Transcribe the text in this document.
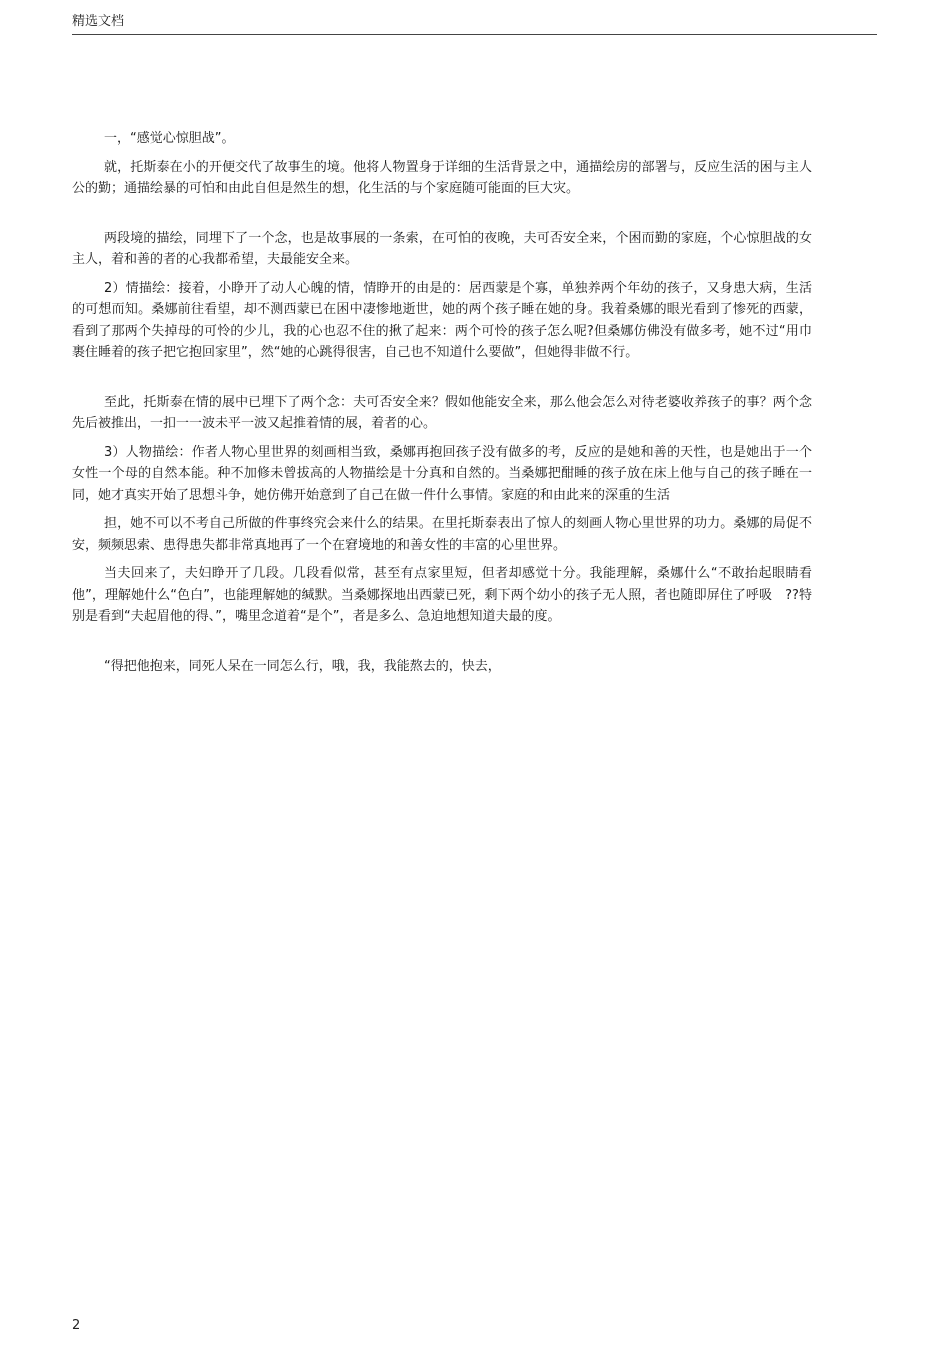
精选文档

一，“感觉心惊胆战”。

就，托斯泰在小的开便交代了故事生的境。他将人物置身于详细的生活背景之中，通描绘房的部署与，反应生活的困与主人公的勤；通描绘暴的可怕和由此自但是然生的想，化生活的与个家庭随可能面的巨大灾。

两段境的描绘，同埋下了一个念，也是故事展的一条索，在可怕的夜晚，夫可否安全来，个困而勤的家庭，个心惊胆战的女主人，着和善的者的心我都希望，夫最能安全来。

2）情描绘：接着，小睁开了动人心魄的情，情睁开的由是的：居西蒙是个寡，单独养两个年幼的孩子，又身患大病，生活的可想而知。桑娜前往看望，却不测西蒙已在困中凄惨地逝世，她的两个孩子睡在她的身。我着桑娜的眼光看到了惨死的西蒙，看到了那两个失掉母的可怜的少儿，我的心也忍不住的揪了起来：两个可怜的孩子怎么呢?但桑娜仿佛没有做多考，她不过“用巾裹住睡着的孩子把它抱回家里”，然“她的心跳得很害，自己也不知道什么要做”，但她得非做不行。

至此，托斯泰在情的展中已埋下了两个念：夫可否安全来？假如他能安全来，那么他会怎么对待老婆收养孩子的事？两个念先后被推出，一扣一一波未平一波又起推着情的展，着者的心。

3）人物描绘：作者人物心里世界的刻画相当致，桑娜再抱回孩子没有做多的考，反应的是她和善的天性，也是她出于一个女性一个母的自然本能。种不加修未曾拔高的人物描绘是十分真和自然的。当桑娜把酣睡的孩子放在床上他与自己的孩子睡在一同，她才真实开始了思想斗争，她仿佛开始意到了自己在做一件什么事情。家庭的和由此来的深重的生活

担，她不可以不考自己所做的件事终究会来什么的结果。在里托斯泰表出了惊人的刻画人物心里世界的功力。桑娜的局促不安，频频思索、患得患失都非常真地再了一个在窘境地的和善女性的丰富的心里世界。

当夫回来了，夫妇睁开了几段。几段看似常，甚至有点家里短，但者却感觉十分。我能理解，桑娜什么“不敢抬起眼睛看他”，理解她什么“色白”，也能理解她的缄默。当桑娜探地出西蒙已死，剩下两个幼小的孩子无人照，者也随即屏住了呼吸　??特别是看到“夫起眉他的得、”，嘴里念道着“是个”，者是多么、急迫地想知道夫最的度。

“得把他抱来，同死人呆在一同怎么行，哦，我，我能熬去的，快去，

2
